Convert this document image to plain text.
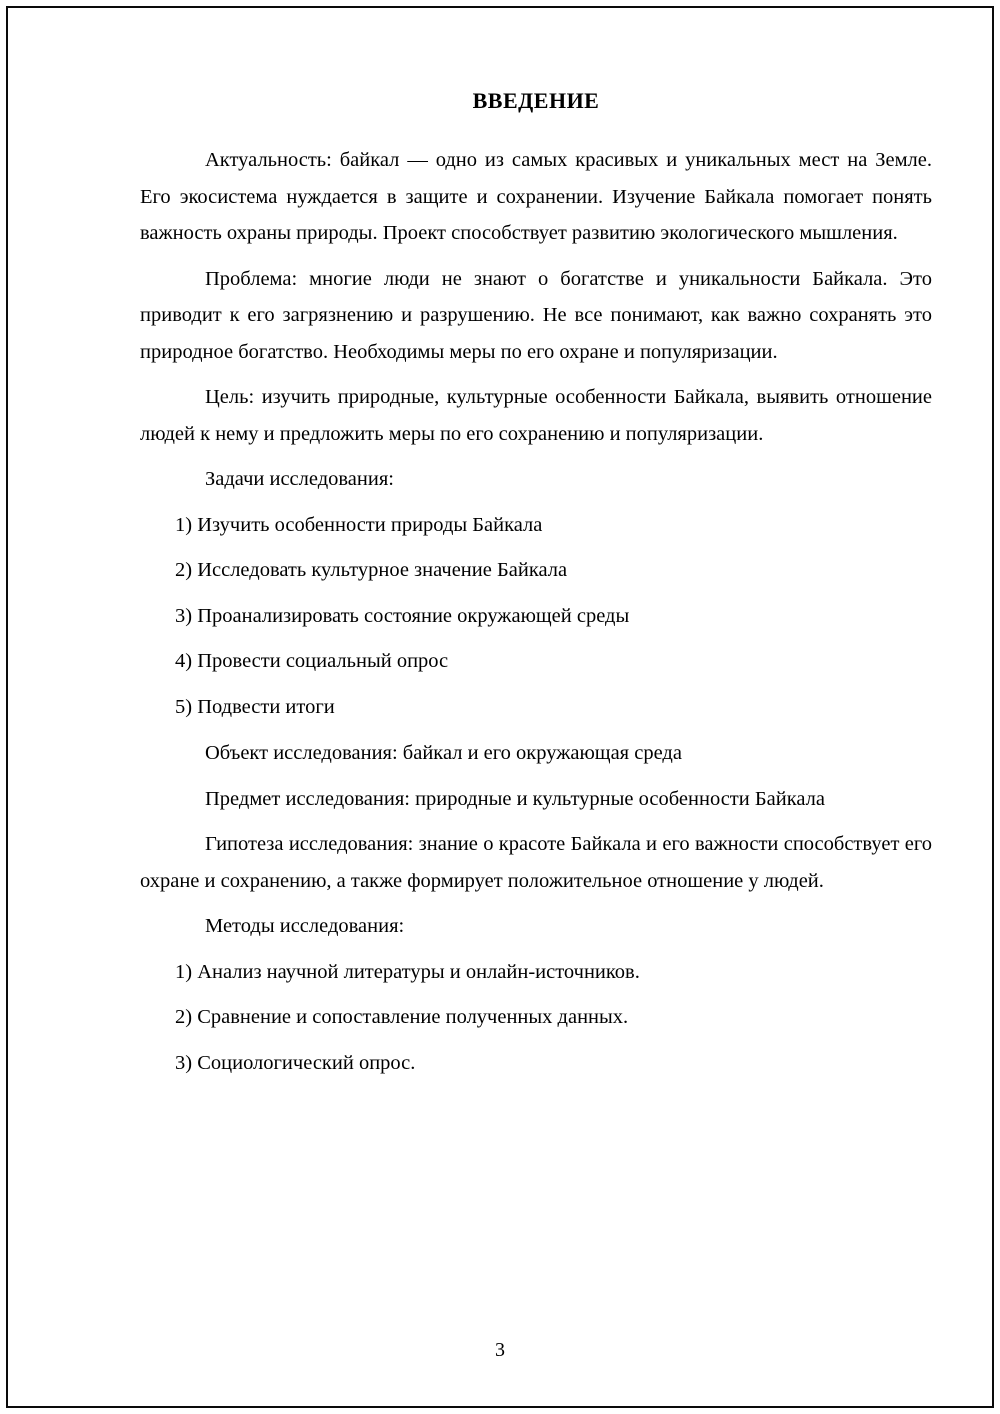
ВВЕДЕНИЕ

Актуальность: байкал — одно из самых красивых и уникальных мест на Земле. Его экосистема нуждается в защите и сохранении. Изучение Байкала помогает понять важность охраны природы. Проект способствует развитию экологического мышления.

Проблема: многие люди не знают о богатстве и уникальности Байкала. Это приводит к его загрязнению и разрушению. Не все понимают, как важно сохранять это природное богатство. Необходимы меры по его охране и популяризации.

Цель: изучить природные, культурные особенности Байкала, выявить отношение людей к нему и предложить меры по его сохранению и популяризации.

Задачи исследования:

1) Изучить особенности природы Байкала
2) Исследовать культурное значение Байкала
3) Проанализировать состояние окружающей среды
4) Провести социальный опрос
5) Подвести итоги

Объект исследования: байкал и его окружающая среда

Предмет исследования: природные и культурные особенности Байкала

Гипотеза исследования: знание о красоте Байкала и его важности способствует его охране и сохранению, а также формирует положительное отношение у людей.

Методы исследования:

1) Анализ научной литературы и онлайн-источников.
2) Сравнение и сопоставление полученных данных.
3) Социологический опрос.
3
